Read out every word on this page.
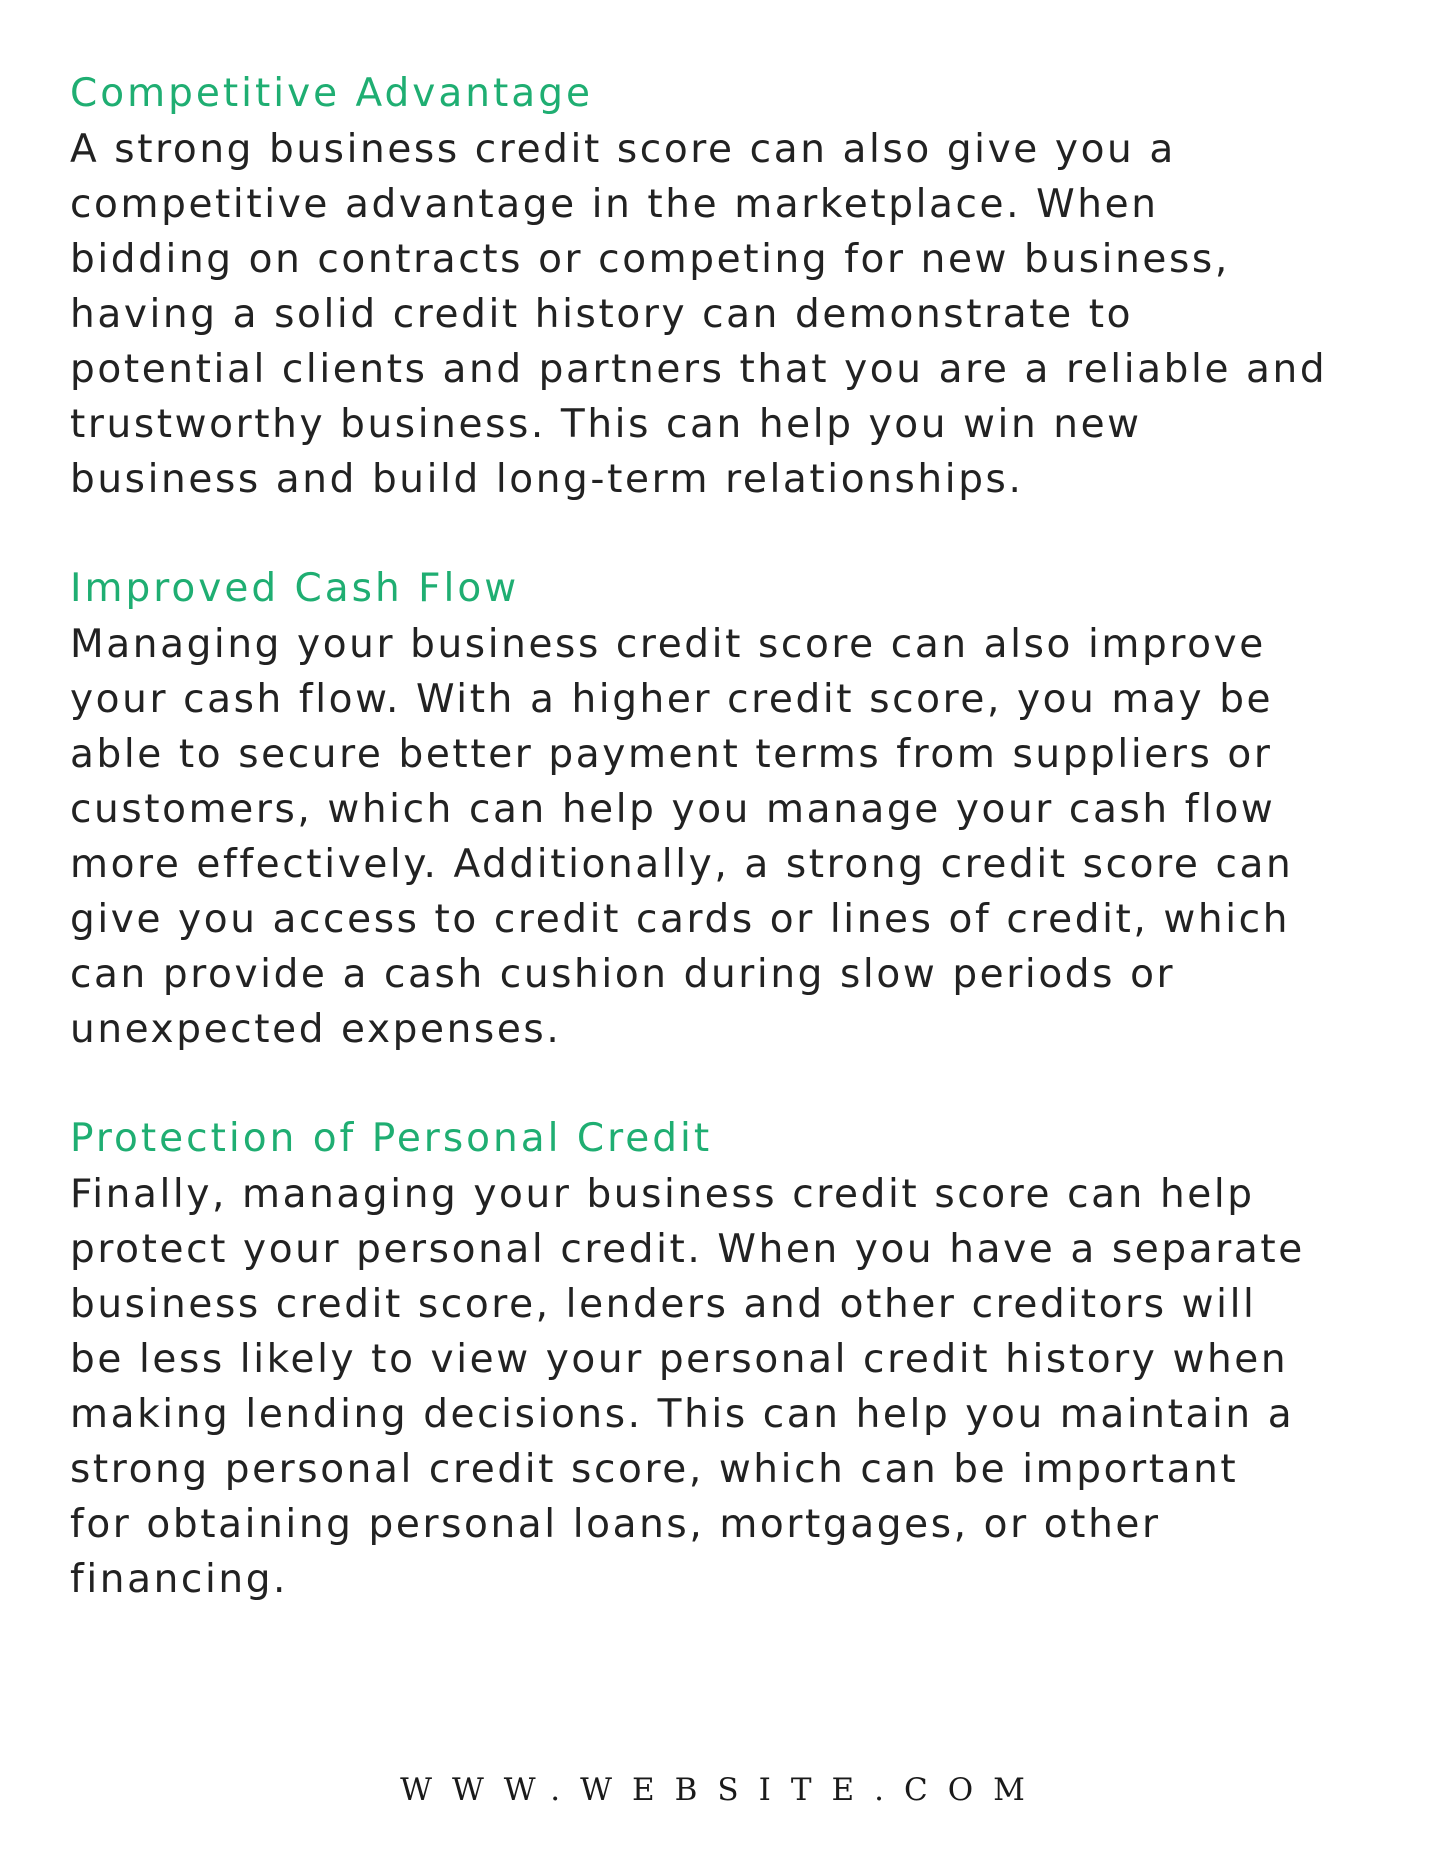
Competitive Advantage
A strong business credit score can also give you a
competitive advantage in the marketplace. When
bidding on contracts or competing for new business,
having a solid credit history can demonstrate to
potential clients and partners that you are a reliable and
trustworthy business. This can help you win new
business and build long-term relationships.
Improved Cash Flow
Managing your business credit score can also improve
your cash flow. With a higher credit score, you may be
able to secure better payment terms from suppliers or
customers, which can help you manage your cash flow
more effectively. Additionally, a strong credit score can
give you access to credit cards or lines of credit, which
can provide a cash cushion during slow periods or
unexpected expenses.
Protection of Personal Credit
Finally, managing your business credit score can help
protect your personal credit. When you have a separate
business credit score, lenders and other creditors will
be less likely to view your personal credit history when
making lending decisions. This can help you maintain a
strong personal credit score, which can be important
for obtaining personal loans, mortgages, or other
financing.
WWW.WEBSITE.COM
